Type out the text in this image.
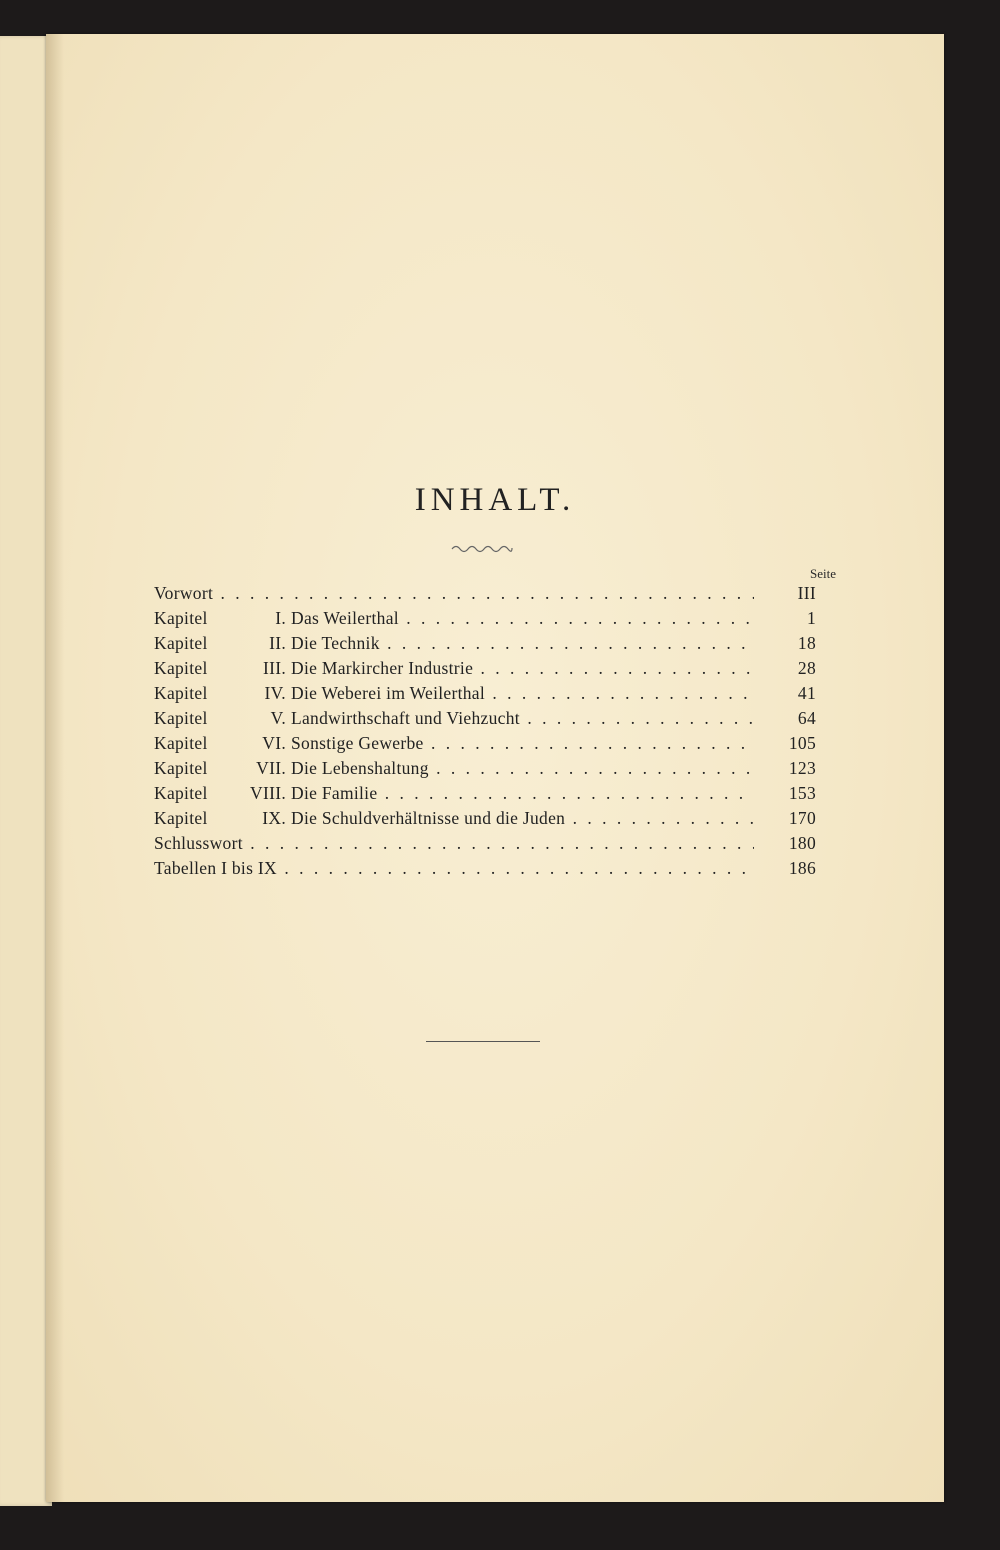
INHALT.
Seite
Vorwort . . .	III
Kapitel	I. Das Weilerthal . . .	1
Kapitel	II. Die Technik . . .	18
Kapitel	III. Die Markircher Industrie . . .	28
Kapitel	IV. Die Weberei im Weilerthal . . .	41
Kapitel	V. Landwirthschaft und Viehzucht . . .	64
Kapitel	VI. Sonstige Gewerbe . . .	105
Kapitel	VII. Die Lebenshaltung . . .	123
Kapitel VIII. Die Familie . . .	153
Kapitel	IX. Die Schuldverhältnisse und die Juden . . .	170
Schlusswort . . .	180
Tabellen I bis IX . . .	186
